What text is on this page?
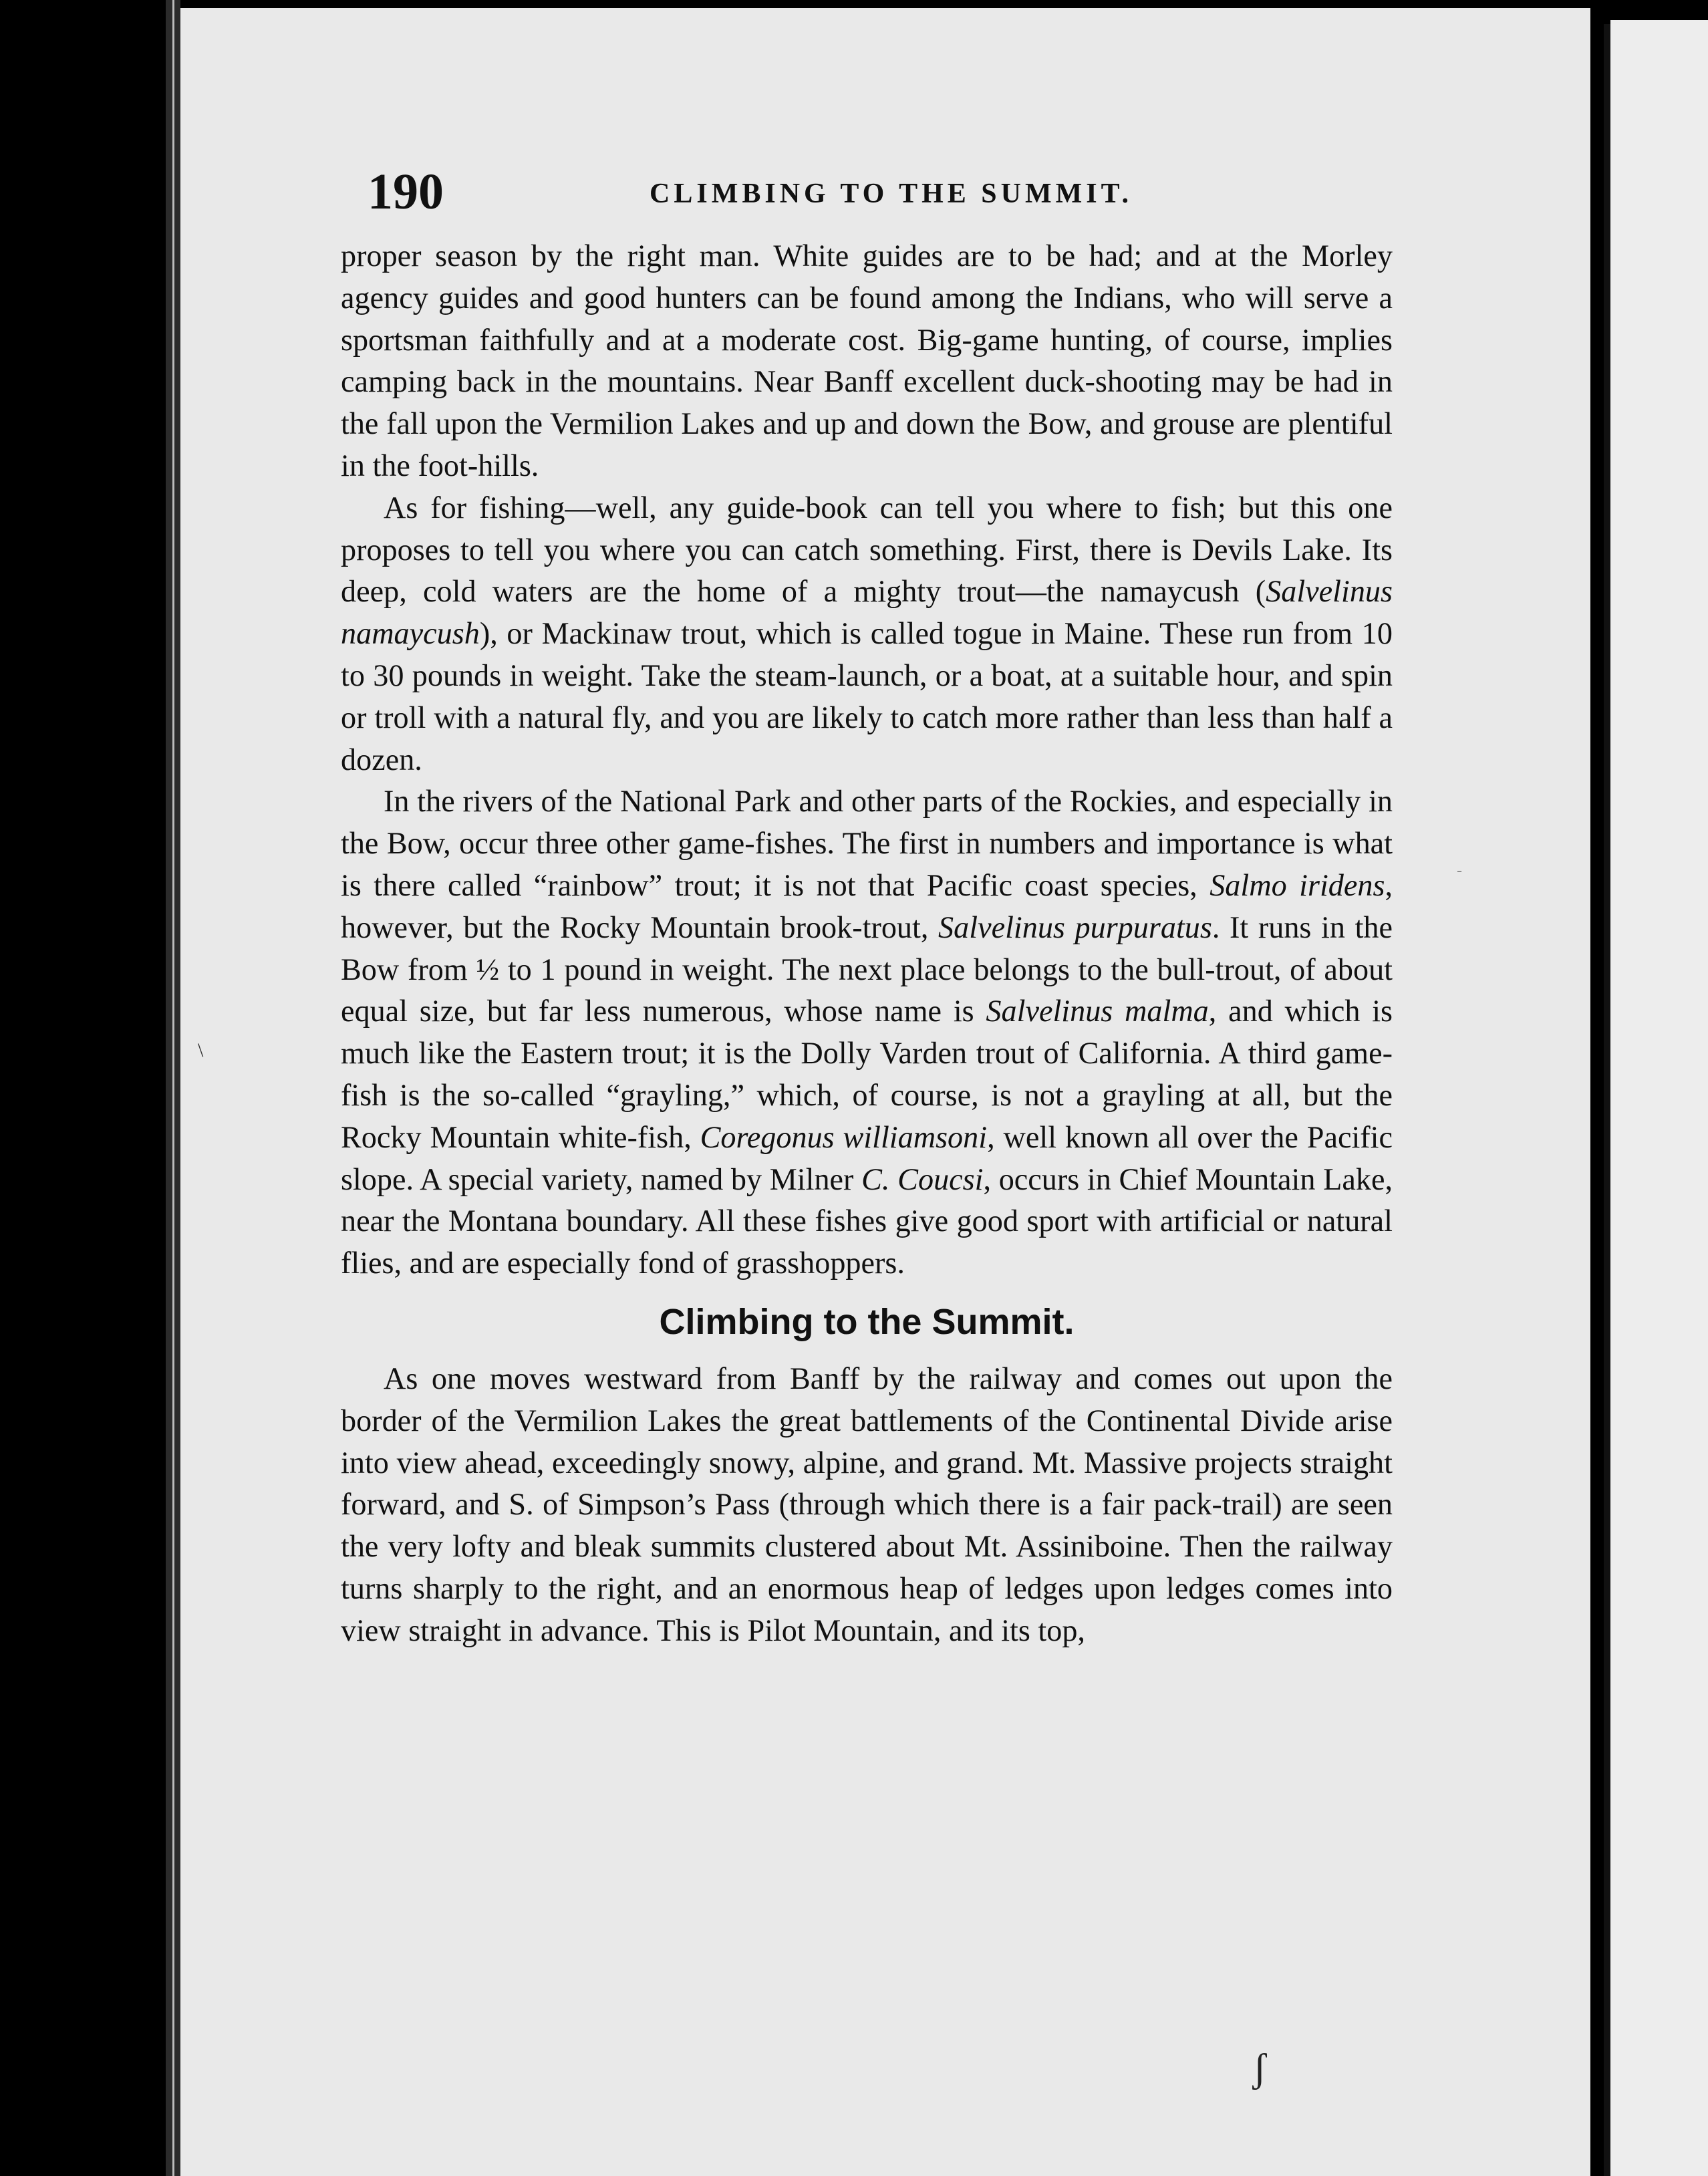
190	CLIMBING TO THE SUMMIT.

proper season by the right man. White guides are to be had; and at the Morley agency guides and good hunters can be found among the Indians, who will serve a sportsman faithfully and at a moderate cost. Big-game hunting, of course, implies camping back in the mountains. Near Banff excellent duck-shooting may be had in the fall upon the Vermilion Lakes and up and down the Bow, and grouse are plentiful in the foot-hills.

As for fishing—well, any guide-book can tell you where to fish; but this one proposes to tell you where you can catch something. First, there is Devils Lake. Its deep, cold waters are the home of a mighty trout—the namaycush (Salvelinus namaycush), or Mackinaw trout, which is called togue in Maine. These run from 10 to 30 pounds in weight. Take the steam-launch, or a boat, at a suitable hour, and spin or troll with a natural fly, and you are likely to catch more rather than less than half a dozen.

In the rivers of the National Park and other parts of the Rockies, and especially in the Bow, occur three other game-fishes. The first in numbers and importance is what is there called “rainbow” trout; it is not that Pacific coast species, Salmo iridens, however, but the Rocky Mountain brook-trout, Salvelinus purpuratus. It runs in the Bow from ½ to 1 pound in weight. The next place belongs to the bull-trout, of about equal size, but far less numerous, whose name is Salvelinus malma, and which is much like the Eastern trout; it is the Dolly Varden trout of California. A third game-fish is the so-called “grayling,” which, of course, is not a grayling at all, but the Rocky Mountain white-fish, Coregonus williamsoni, well known all over the Pacific slope. A special variety, named by Milner C. Coucsi, occurs in Chief Mountain Lake, near the Montana boundary. All these fishes give good sport with artificial or natural flies, and are especially fond of grasshoppers.

Climbing to the Summit.

As one moves westward from Banff by the railway and comes out upon the border of the Vermilion Lakes the great battlements of the Continental Divide arise into view ahead, exceedingly snowy, alpine, and grand. Mt. Massive projects straight forward, and S. of Simpson’s Pass (through which there is a fair pack-trail) are seen the very lofty and bleak summits clustered about Mt. Assiniboine. Then the railway turns sharply to the right, and an enormous heap of ledges upon ledges comes into view straight in advance. This is Pilot Mountain, and its top,

\
-
ʃ
